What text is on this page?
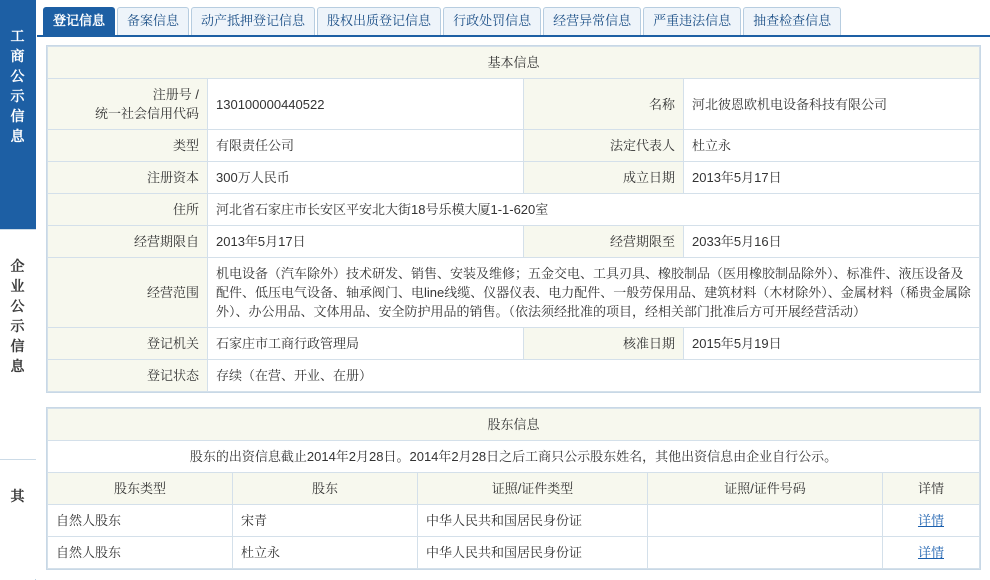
工
商
公
示
信
息
企
业
公
示
信
息
其
登记信息 备案信息 动产抵押登记信息 股权出质登记信息 行政处罚信息 经营异常信息 严重违法信息 抽查检查信息
基本信息			
注册号 /
统一社会信用代码	130100000440522	名称	河北彼恩欧机电设备科技有限公司
类型	有限责任公司	法定代表人	杜立永
注册资本	300万人民币	成立日期	2013年5月17日
住所	河北省石家庄市长安区平安北大街18号乐模大厦1-1-620室		
经营期限自	2013年5月17日	经营期限至	2033年5月16日
经营范围	机电设备（汽车除外）技术研发、销售、安装及维修；五金交电、工具刃具、橡胶制品（医用橡胶制品除外）、标准件、液压设备及配件、低压电气设备、轴承阀门、电line线缆、仪器仪表、电力配件、一般劳保用品、建筑材料（木材除外）、金属材料（稀贵金属除外）、办公用品、文体用品、安全防护用品的销售。（依法须经批准的项目，经相关部门批准后方可开展经营活动）		
登记机关	石家庄市工商行政管理局	核准日期	2015年5月19日
登记状态	存续（在营、开业、在册）		
股东信息				
股东的出资信息截止2014年2月28日。2014年2月28日之后工商只公示股东姓名，其他出资信息由企业自行公示。				
股东类型	股东	证照/证件类型	证照/证件号码	详情
自然人股东	宋青	中华人民共和国居民身份证		详情
自然人股东	杜立永	中华人民共和国居民身份证		详情
